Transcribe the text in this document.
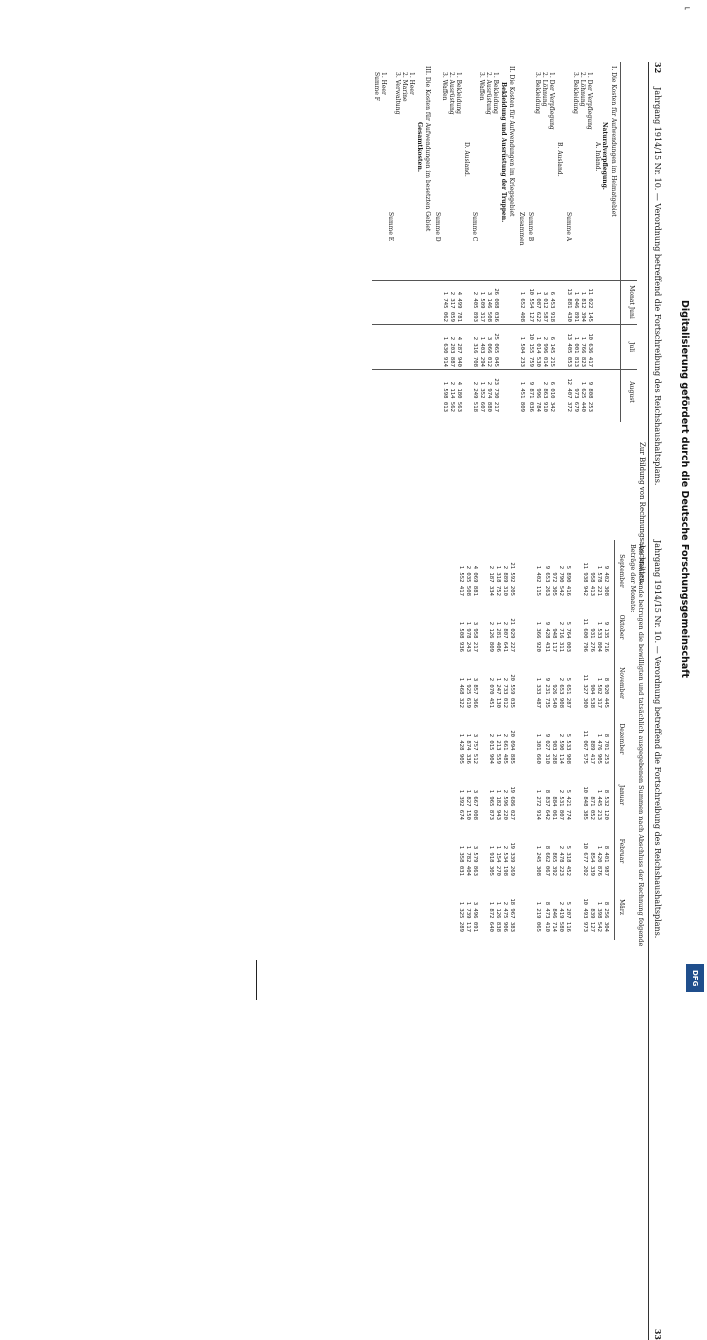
32
Jahrgang 1914/15 Nr. 10. — Verordnung betreffend die Fortschreibung des Reichshaushaltsplans.
Zur Bildung von Rechnungsabschnitten.
Monat Juni
Juli
August
I. Die Kosten für Aufwendungen im Heimatgebiet
Naturalverpflegung.
A. Inland.
1. Der Verpflegung
2. Löhnung
3. Bekleidung
Summe A
B. Ausland.
1. Der Verpflegung
2. Löhnung
3. Bekleidung
Summe B
Zusammen
II. Die Kosten für Aufwendungen im Kriegsgebiet
Bekleidung und Ausrüstung der Truppen.
1. Bekleidung
2. Ausrüstung
3. Waffen
Summe C
D. Ausland.
1. Bekleidung
2. Ausrüstung
3. Waffen
Summe D
III. Die Kosten für Aufwendungen im besetzten Gebiet
Gesamtkosten.
1. Heer
2. Marine
3. Verwaltung
Summe E
1. Heer
Summe F
11 022 145
10 636 417
9 808 253
1 812 394
1 766 823
1 625 440
1 046 891
1 001 813
973 679
13 881 430
13 405 053
12 407 372
6 453 918
6 145 215
6 010 342
3 012 587
2 996 014
2 863 910
1 087 622
1 014 530
996 784
10 554 127
10 155 759
9 871 036
1 652 408
1 504 233
1 451 809
26 088 036
25 065 045
23 730 217
3 146 508
3 066 012
2 974 880
1 509 317
1 403 294
1 352 607
2 405 893
2 316 708
2 249 518
4 499 781
4 287 940
4 180 563
2 317 059
2 203 887
2 114 562
1 745 062
1 630 914
1 598 013
Jahrgang 1914/15 Nr. 10. — Verordnung betreffend die Fortschreibung des Reichshaushaltsplans.
33
Am Monatsende betrugen die bewilligten und tatsächlich ausgegebenen Summen nach Abschluss der Rechnung folgende Beträge der Monate:
September
Oktober
November
Dezember
Januar
Februar
März
9 402 308
9 135 716
8 920 445
8 701 253
8 532 120
8 401 987
8 256 304
1 578 221
1 533 804
1 502 317
1 476 905
1 445 213
1 420 876
1 398 542
958 413
931 276
904 538
889 417
871 052
854 339
839 127
11 938 942
11 600 796
11 327 300
11 067 575
10 848 385
10 677 202
10 493 973
5 890 416
5 764 003
5 651 287
5 533 908
5 421 774
5 318 452
5 207 116
2 790 542
2 716 311
2 653 908
2 590 114
2 531 807
2 478 223
2 419 580
972 305
948 117
926 540
903 288
884 061
865 392
846 714
9 653 263
9 428 431
9 231 735
9 027 310
8 837 642
8 662 067
8 473 410
1 402 115
1 366 920
1 333 487
1 301 660
1 272 914
1 245 308
1 219 065
21 592 205
21 029 227
20 559 035
20 094 885
19 686 027
19 339 269
18 967 383
2 889 310
2 807 641
2 733 012
2 661 485
2 596 220
2 534 198
2 475 906
1 318 752
1 281 406
1 247 130
1 213 559
1 182 943
1 154 270
1 126 838
2 187 334
2 126 809
2 070 451
2 015 904
1 965 873
1 918 305
1 872 640
4 069 881
3 958 217
3 857 366
3 757 512
3 667 008
3 579 863
3 496 091
2 035 508
1 978 243
1 925 619
1 874 336
1 827 150
1 782 404
1 739 117
1 552 417
1 508 936
1 468 322
1 428 905
1 392 674
1 358 031
1 325 289
Digitalisierung gefördert durch die Deutsche Forschungsgemeinschaft
DFG
⌐
